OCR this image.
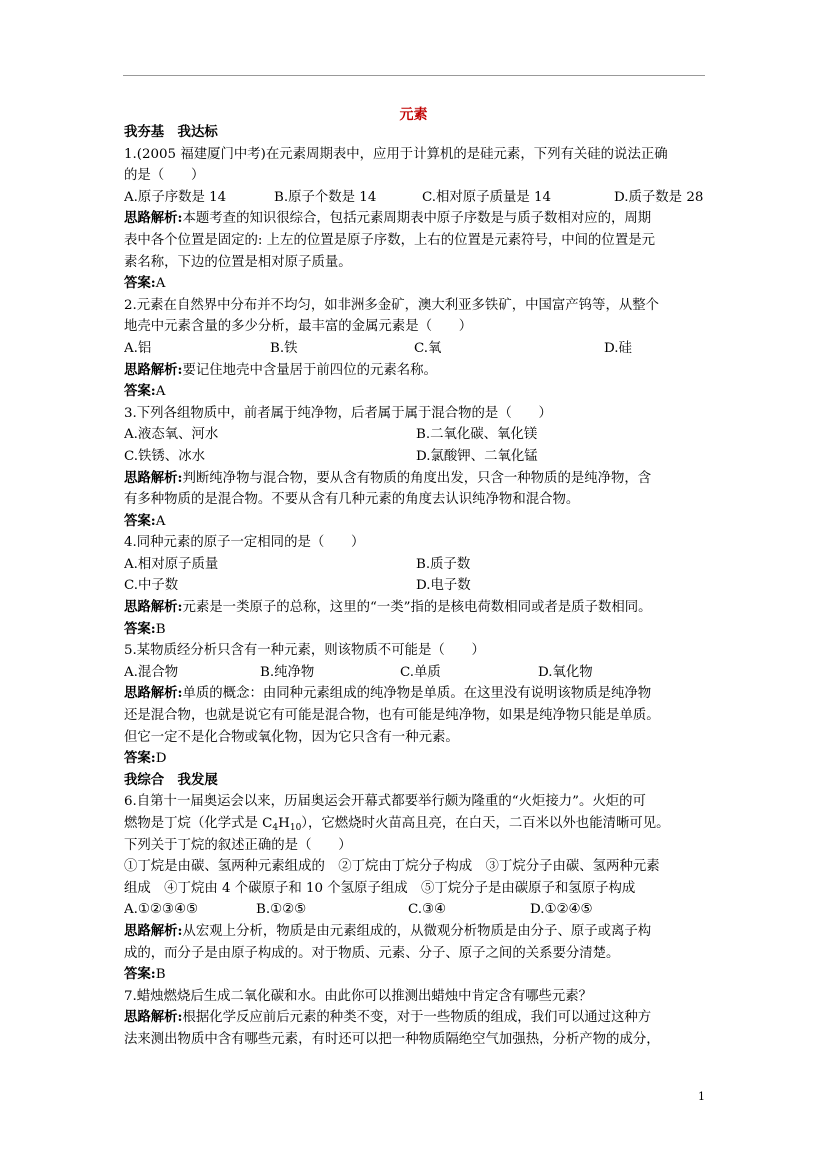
元素
我夯基　我达标
1.(2005 福建厦门中考)在元素周期表中，应用于计算机的是硅元素，下列有关硅的说法正确
的是（　　）
A.原子序数是 14	B.原子个数是 14	C.相对原子质量是 14	D.质子数是 28
思路解析:本题考查的知识很综合，包括元素周期表中原子序数是与质子数相对应的，周期
表中各个位置是固定的: 上左的位置是原子序数，上右的位置是元素符号，中间的位置是元
素名称，下边的位置是相对原子质量。
答案:A
2.元素在自然界中分布并不均匀，如非洲多金矿，澳大利亚多铁矿，中国富产钨等，从整个
地壳中元素含量的多少分析，最丰富的金属元素是（　　）
A.铝	B.铁	C.氧	D.硅
思路解析:要记住地壳中含量居于前四位的元素名称。
答案:A
3.下列各组物质中，前者属于纯净物，后者属于属于混合物的是（　　）
A.液态氧、河水	B.二氧化碳、氧化镁
C.铁锈、冰水	D.氯酸钾、二氧化锰
思路解析:判断纯净物与混合物，要从含有物质的角度出发，只含一种物质的是纯净物，含
有多种物质的是混合物。不要从含有几种元素的角度去认识纯净物和混合物。
答案:A
4.同种元素的原子一定相同的是（　　）
A.相对原子质量	B.质子数
C.中子数	D.电子数
思路解析:元素是一类原子的总称，这里的“一类”指的是核电荷数相同或者是质子数相同。
答案:B
5.某物质经分析只含有一种元素，则该物质不可能是（　　）
A.混合物	B.纯净物	C.单质	D.氧化物
思路解析:单质的概念：由同种元素组成的纯净物是单质。在这里没有说明该物质是纯净物
还是混合物，也就是说它有可能是混合物，也有可能是纯净物，如果是纯净物只能是单质。
但它一定不是化合物或氧化物，因为它只含有一种元素。
答案:D
我综合　我发展
6.自第十一届奥运会以来，历届奥运会开幕式都要举行颇为隆重的“火炬接力”。火炬的可
燃物是丁烷（化学式是 $C_4H_{10}$），它燃烧时火苗高且亮，在白天，二百米以外也能清晰可见。
下列关于丁烷的叙述正确的是（　　）
①丁烷是由碳、氢两种元素组成的　②丁烷由丁烷分子构成　③丁烷分子由碳、氢两种元素
组成　④丁烷由 4 个碳原子和 10 个氢原子组成　⑤丁烷分子是由碳原子和氢原子构成
A.①②③④⑤	B.①②⑤	C.③④	D.①②④⑤
思路解析:从宏观上分析，物质是由元素组成的，从微观分析物质是由分子、原子或离子构
成的，而分子是由原子构成的。对于物质、元素、分子、原子之间的关系要分清楚。
答案:B
7.蜡烛燃烧后生成二氧化碳和水。由此你可以推测出蜡烛中肯定含有哪些元素？
思路解析:根据化学反应前后元素的种类不变，对于一些物质的组成，我们可以通过这种方
法来测出物质中含有哪些元素，有时还可以把一种物质隔绝空气加强热，分析产物的成分，
1
